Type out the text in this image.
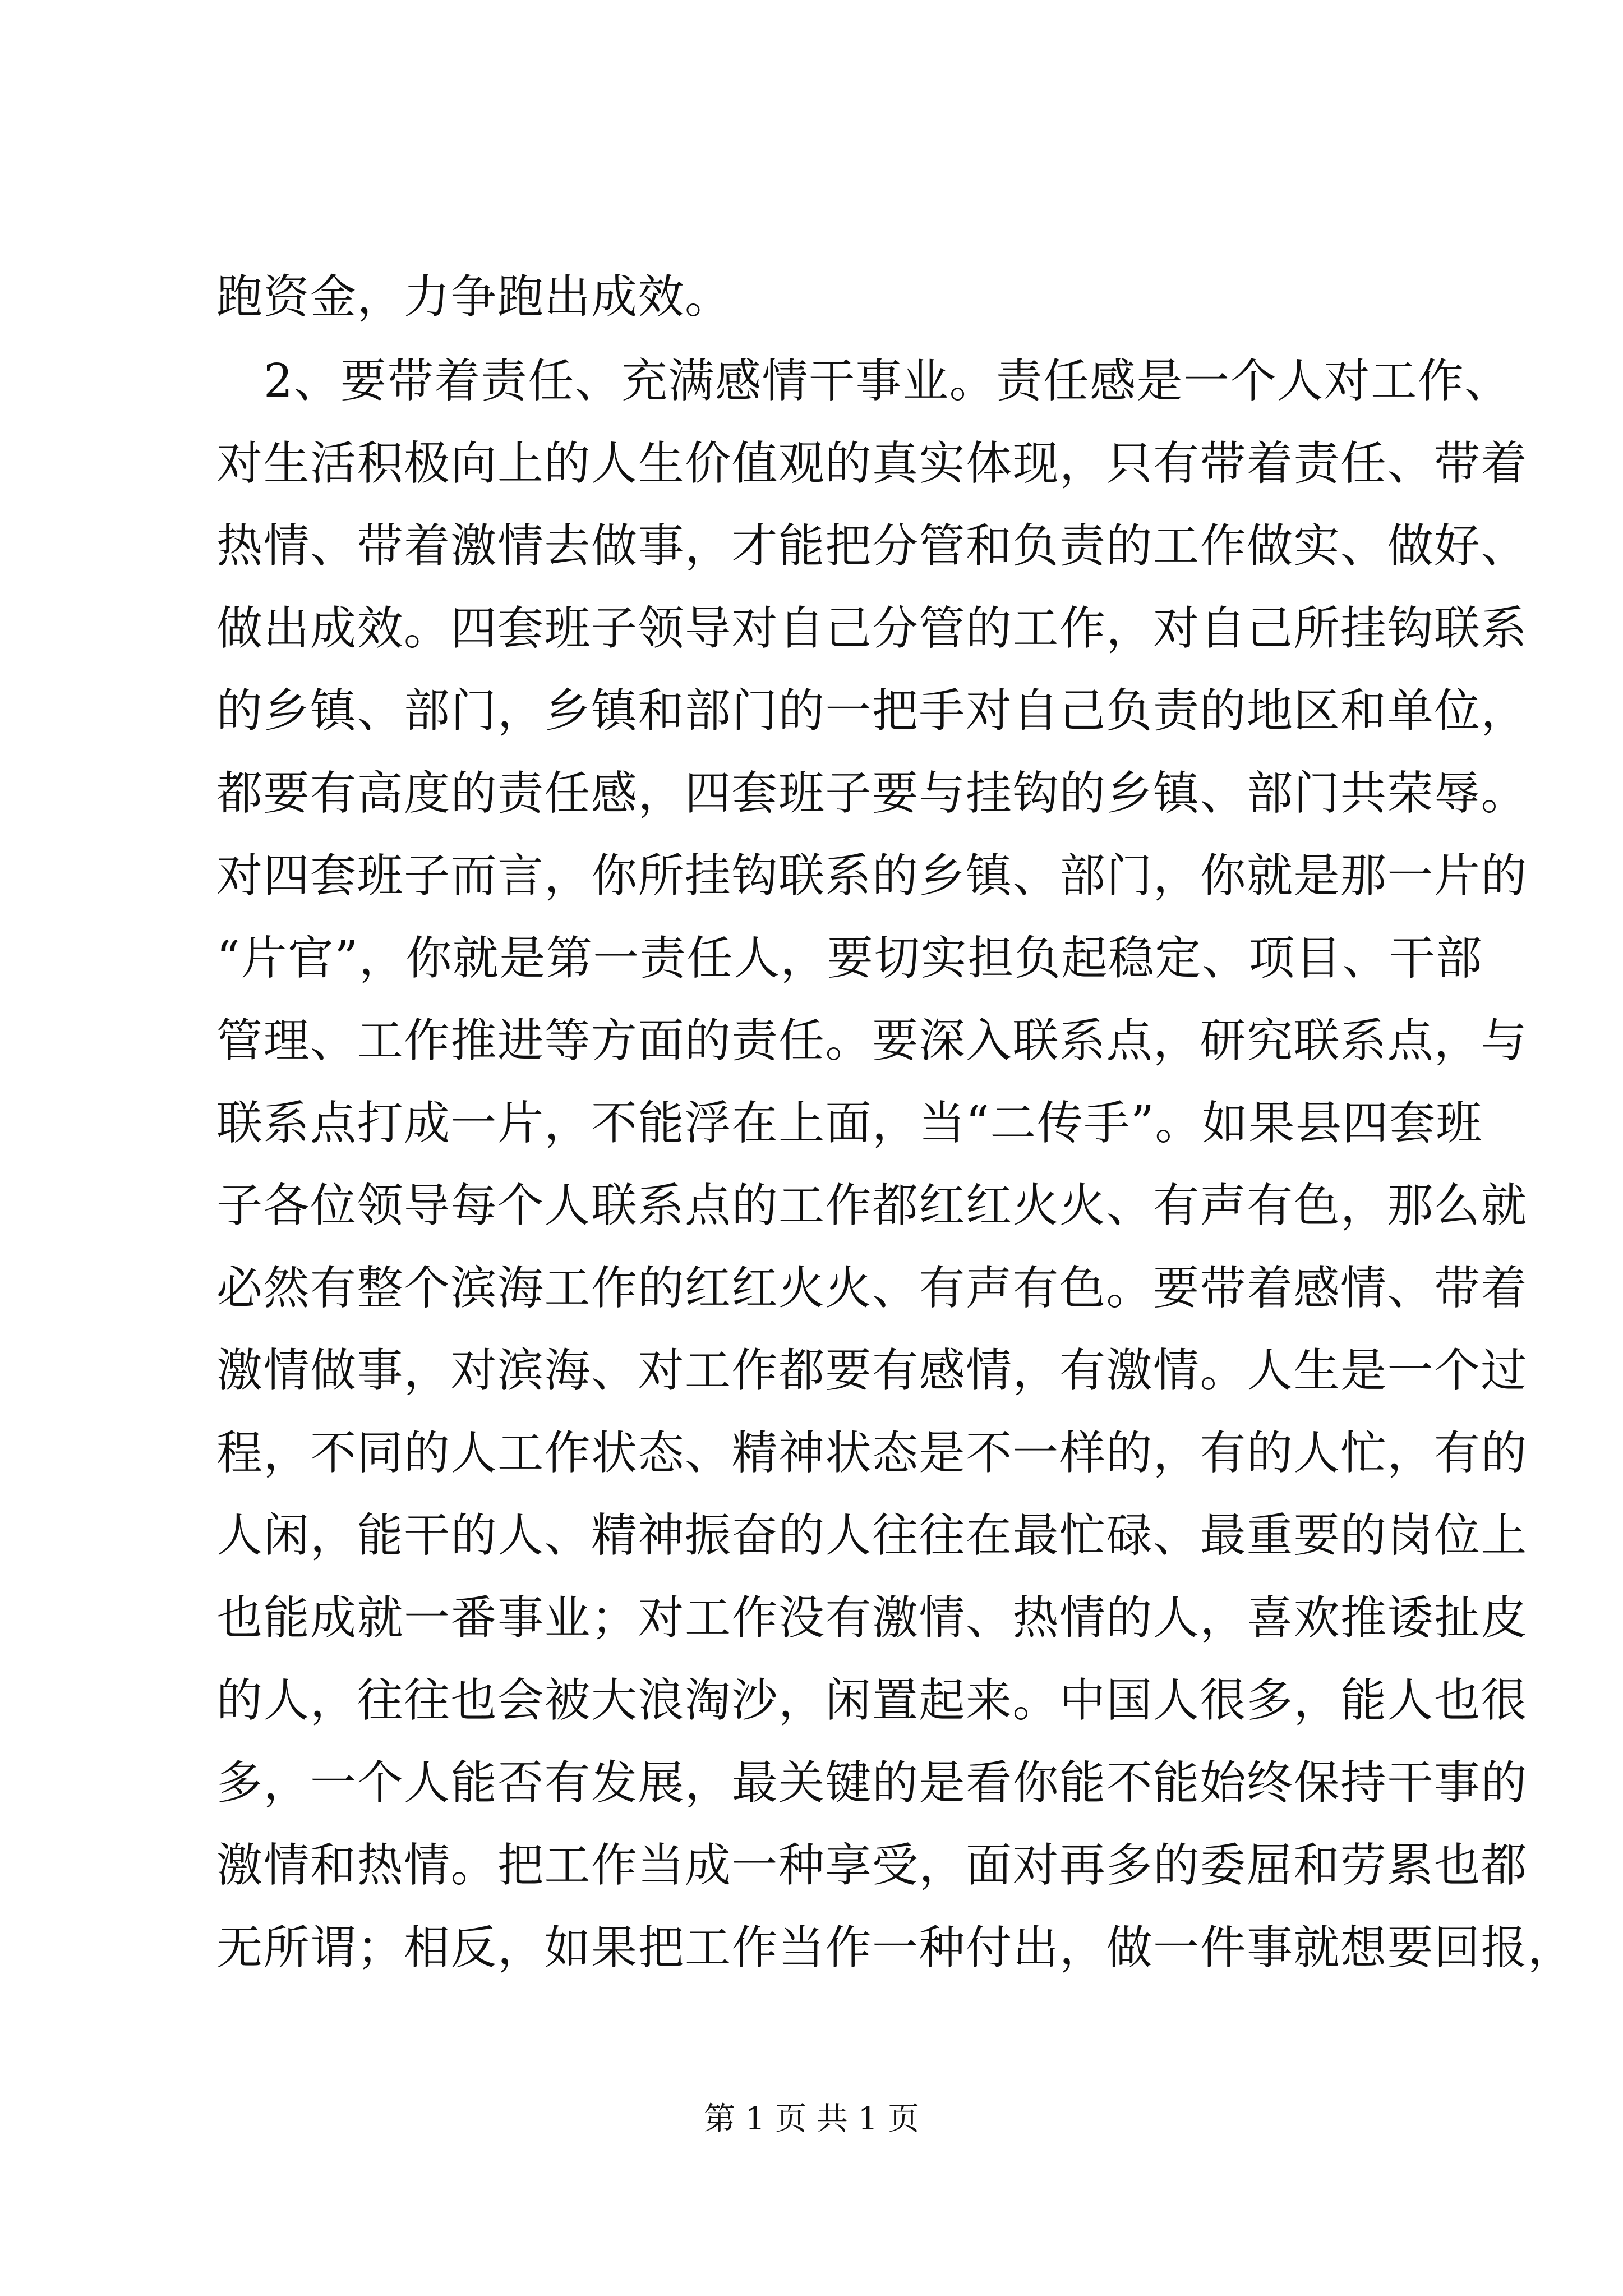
跑资金，力争跑出成效。
2、要带着责任、充满感情干事业。责任感是一个人对工作、
对生活积极向上的人生价值观的真实体现，只有带着责任、带着
热情、带着激情去做事，才能把分管和负责的工作做实、做好、
做出成效。四套班子领导对自己分管的工作，对自己所挂钩联系
的乡镇、部门，乡镇和部门的一把手对自己负责的地区和单位，
都要有高度的责任感，四套班子要与挂钩的乡镇、部门共荣辱。
对四套班子而言，你所挂钩联系的乡镇、部门，你就是那一片的
“片官”，你就是第一责任人，要切实担负起稳定、项目、干部
管理、工作推进等方面的责任。要深入联系点，研究联系点，与
联系点打成一片，不能浮在上面，当“二传手”。如果县四套班
子各位领导每个人联系点的工作都红红火火、有声有色，那么就
必然有整个滨海工作的红红火火、有声有色。要带着感情、带着
激情做事，对滨海、对工作都要有感情，有激情。人生是一个过
程，不同的人工作状态、精神状态是不一样的，有的人忙，有的
人闲，能干的人、精神振奋的人往往在最忙碌、最重要的岗位上
也能成就一番事业；对工作没有激情、热情的人，喜欢推诿扯皮
的人，往往也会被大浪淘沙，闲置起来。中国人很多，能人也很
多，一个人能否有发展，最关键的是看你能不能始终保持干事的
激情和热情。把工作当成一种享受，面对再多的委屈和劳累也都
无所谓；相反，如果把工作当作一种付出，做一件事就想要回报，
第 1 页 共 1 页
